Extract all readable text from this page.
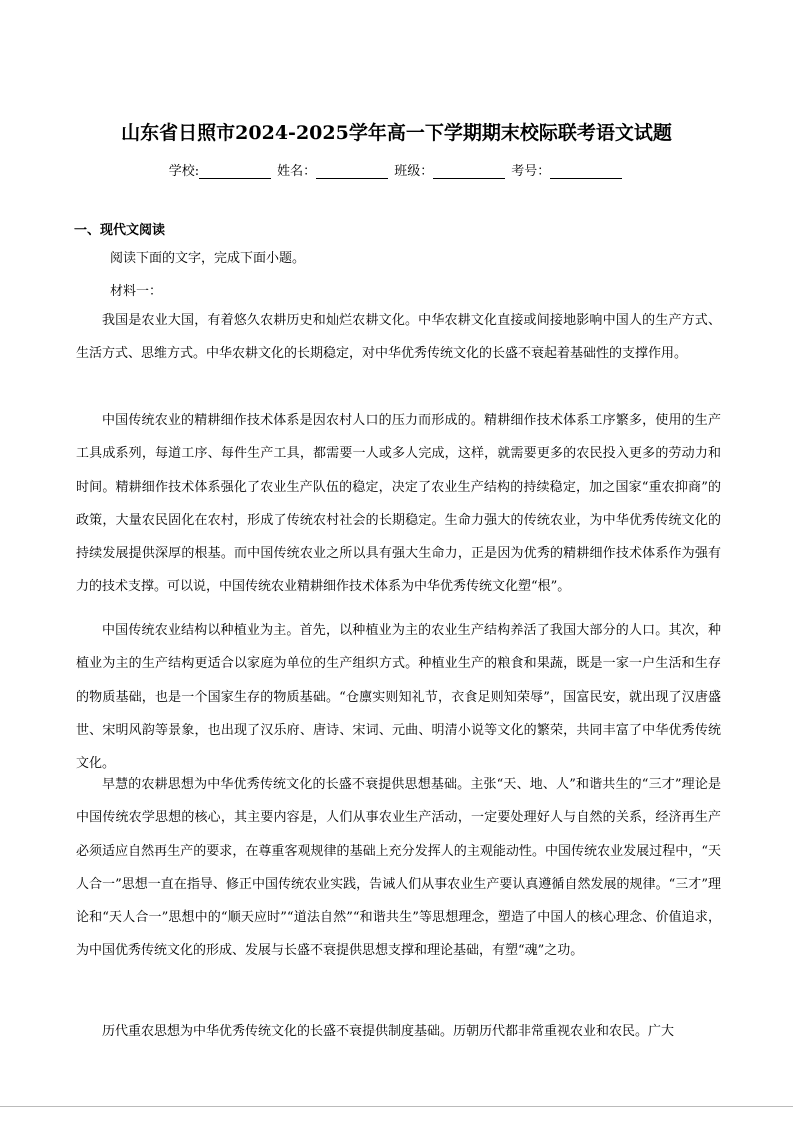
山东省日照市2024-2025学年高一下学期期末校际联考语文试题
学校:	姓名：	班级：	考号：
一、现代文阅读
阅读下面的文字，完成下面小题。
材料一：

我国是农业大国，有着悠久农耕历史和灿烂农耕文化。中华农耕文化直接或间接地影响中国人的生产方式、生活方式、思维方式。中华农耕文化的长期稳定，对中华优秀传统文化的长盛不衰起着基础性的支撑作用。

中国传统农业的精耕细作技术体系是因农村人口的压力而形成的。精耕细作技术体系工序繁多，使用的生产工具成系列，每道工序、每件生产工具，都需要一人或多人完成，这样，就需要更多的农民投入更多的劳动力和时间。精耕细作技术体系强化了农业生产队伍的稳定，决定了农业生产结构的持续稳定，加之国家“重农抑商”的政策，大量农民固化在农村，形成了传统农村社会的长期稳定。生命力强大的传统农业，为中华优秀传统文化的持续发展提供深厚的根基。而中国传统农业之所以具有强大生命力，正是因为优秀的精耕细作技术体系作为强有力的技术支撑。可以说，中国传统农业精耕细作技术体系为中华优秀传统文化塑“根”。

中国传统农业结构以种植业为主。首先，以种植业为主的农业生产结构养活了我国大部分的人口。其次，种植业为主的生产结构更适合以家庭为单位的生产组织方式。种植业生产的粮食和果蔬，既是一家一户生活和生存的物质基础，也是一个国家生存的物质基础。“仓廪实则知礼节，衣食足则知荣辱”，国富民安，就出现了汉唐盛世、宋明风韵等景象，也出现了汉乐府、唐诗、宋词、元曲、明清小说等文化的繁荣，共同丰富了中华优秀传统文化。

早慧的农耕思想为中华优秀传统文化的长盛不衰提供思想基础。主张“天、地、人”和谐共生的“三才”理论是中国传统农学思想的核心，其主要内容是，人们从事农业生产活动，一定要处理好人与自然的关系，经济再生产必须适应自然再生产的要求，在尊重客观规律的基础上充分发挥人的主观能动性。中国传统农业发展过程中，“天人合一”思想一直在指导、修正中国传统农业实践，告诫人们从事农业生产要认真遵循自然发展的规律。“三才”理论和“天人合一”思想中的“顺天应时”“道法自然”“和谐共生”等思想理念，塑造了中国人的核心理念、价值追求，为中国优秀传统文化的形成、发展与长盛不衰提供思想支撑和理论基础，有塑“魂”之功。

历代重农思想为中华优秀传统文化的长盛不衰提供制度基础。历朝历代都非常重视农业和农民。广大
